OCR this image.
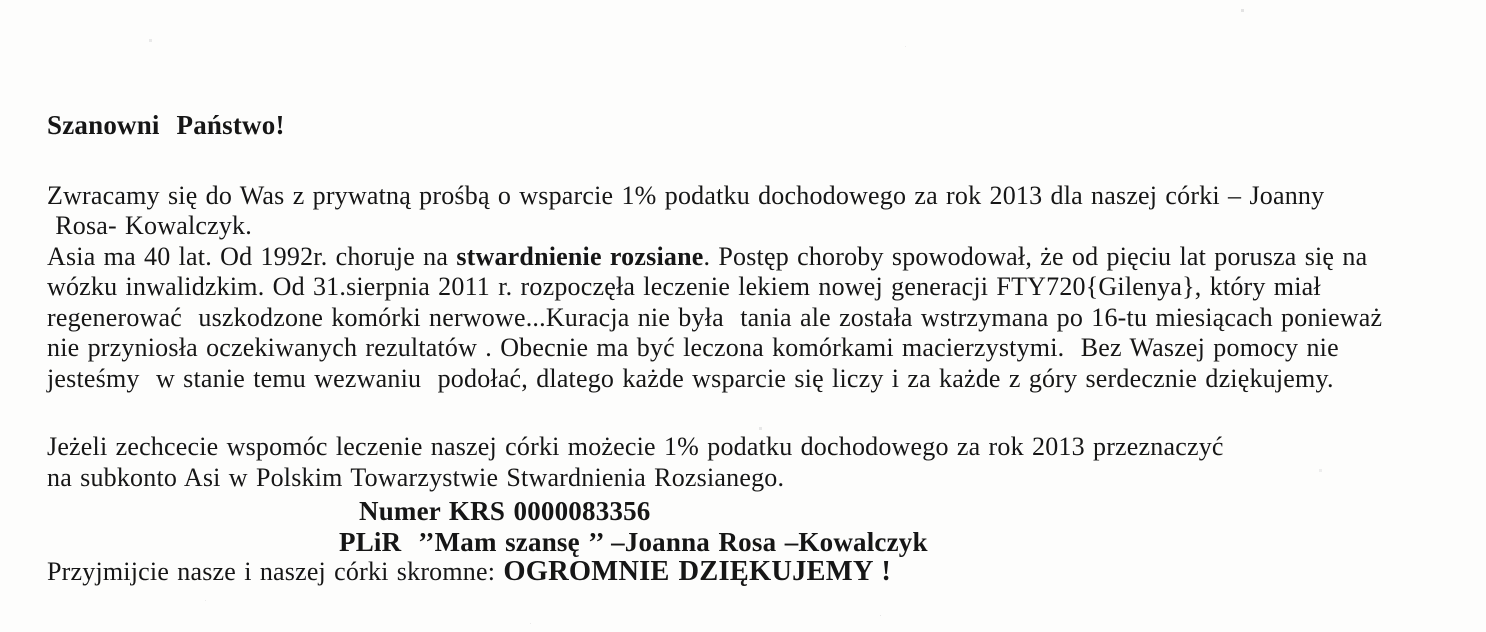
Szanowni  Państwo!
Zwracamy się do Was z prywatną prośbą o wsparcie 1% podatku dochodowego za rok 2013 dla naszej córki – Joanny
Rosa- Kowalczyk.
Asia ma 40 lat. Od 1992r. choruje na stwardnienie rozsiane. Postęp choroby spowodował, że od pięciu lat porusza się na
wózku inwalidzkim. Od 31.sierpnia 2011 r. rozpoczęła leczenie lekiem nowej generacji FTY720{Gilenya}, który miał
regenerować  uszkodzone komórki nerwowe...Kuracja nie była  tania ale została wstrzymana po 16-tu miesiącach ponieważ
nie przyniosła oczekiwanych rezultatów . Obecnie ma być leczona komórkami macierzystymi.  Bez Waszej pomocy nie
jesteśmy  w stanie temu wezwaniu  podołać, dlatego każde wsparcie się liczy i za każde z góry serdecznie dziękujemy.
Jeżeli zechcecie wspomóc leczenie naszej córki możecie 1% podatku dochodowego za rok 2013 przeznaczyć
na subkonto Asi w Polskim Towarzystwie Stwardnienia Rozsianego.
Numer KRS 0000083356
PLiR  ’’Mam szansę ’’ –Joanna Rosa –Kowalczyk
Przyjmijcie nasze i naszej córki skromne: OGROMNIE DZIĘKUJEMY !
